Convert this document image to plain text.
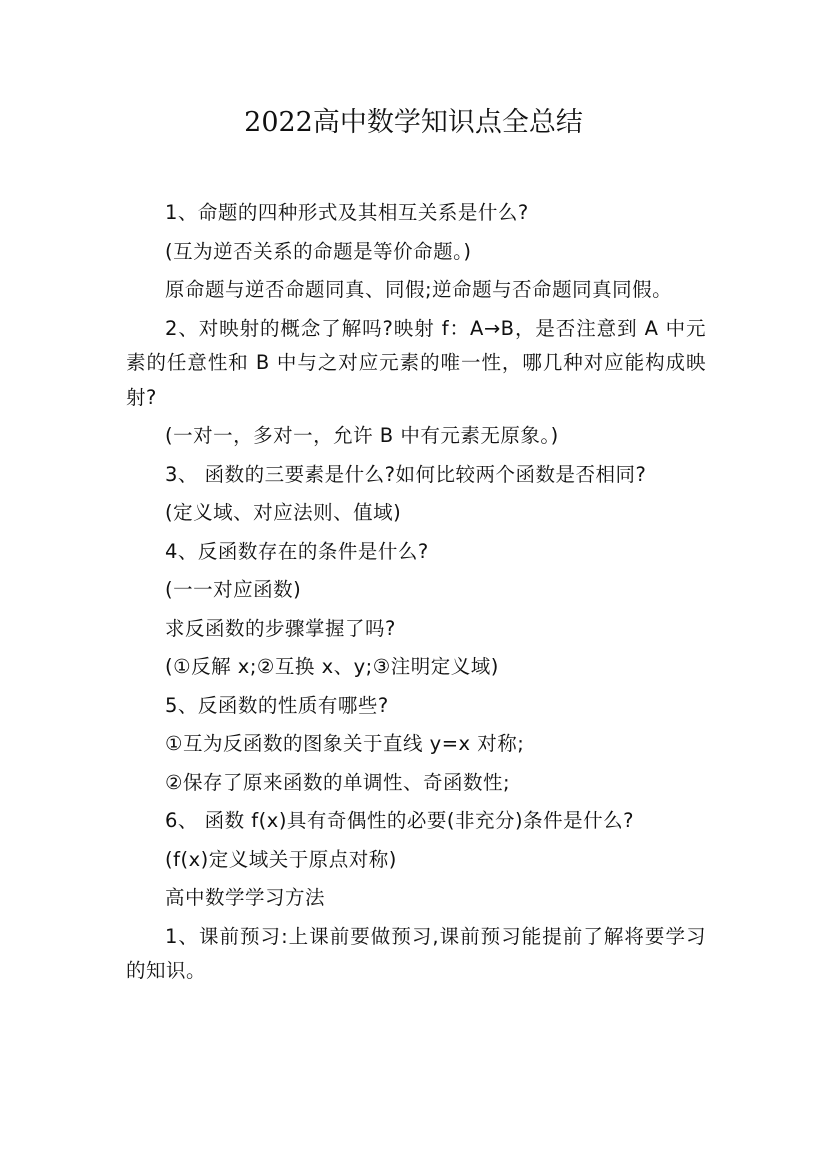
2022高中数学知识点全总结

1、命题的四种形式及其相互关系是什么?

(互为逆否关系的命题是等价命题。)

原命题与逆否命题同真、同假;逆命题与否命题同真同假。

2、对映射的概念了解吗?映射 f：A→B，是否注意到 A 中元素的任意性和 B 中与之对应元素的唯一性，哪几种对应能构成映射?

(一对一，多对一，允许 B 中有元素无原象。)

3、 函数的三要素是什么?如何比较两个函数是否相同?

(定义域、对应法则、值域)

4、反函数存在的条件是什么?

(一一对应函数)

求反函数的步骤掌握了吗?

(①反解 x;②互换 x、y;③注明定义域)

5、反函数的性质有哪些?

①互为反函数的图象关于直线 y=x 对称;

②保存了原来函数的单调性、奇函数性;

6、 函数 f(x)具有奇偶性的必要(非充分)条件是什么?

(f(x)定义域关于原点对称)

高中数学学习方法

1、课前预习:上课前要做预习,课前预习能提前了解将要学习的知识。
